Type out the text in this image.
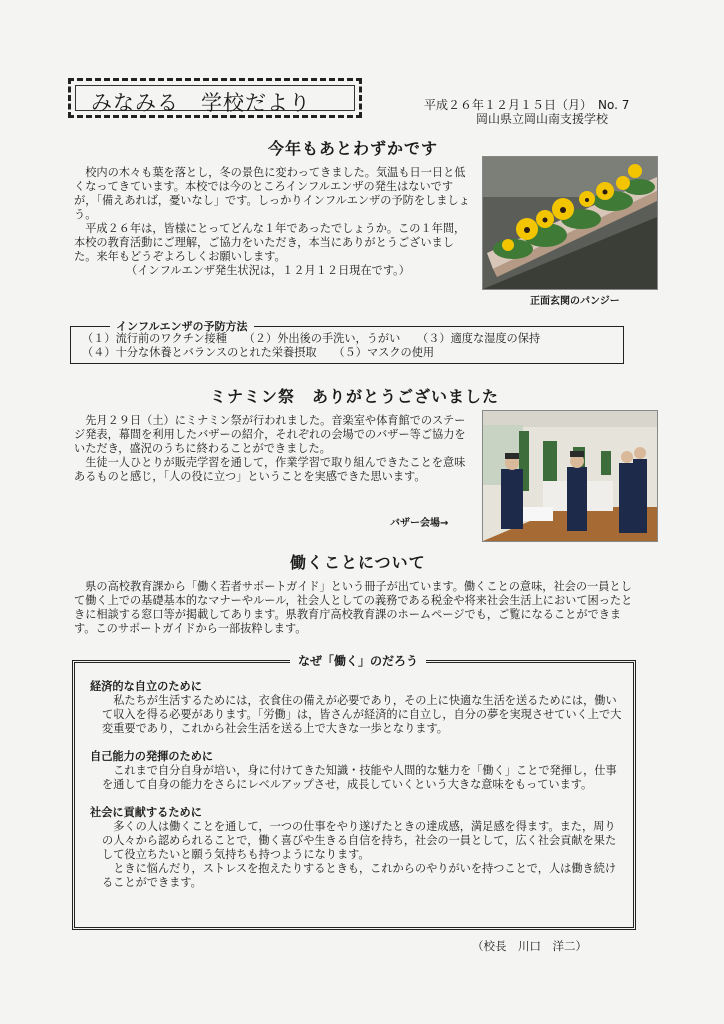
みなみる　学校だより	平成２６年１２月１５日（月）　No. 7
岡山県立岡山南支援学校
今年もあとわずかです
　校内の木々も葉を落とし，冬の景色に変わってきました。気温も日一日と低くなってきています。本校では今のところインフルエンザの発生はないですが，「備えあれば，憂いなし」です。しっかりインフルエンザの予防をしましょう。
　平成２６年は，皆様にとってどんな１年であったでしょうか。この１年間，本校の教育活動にご理解，ご協力をいただき，本当にありがとうございました。来年もどうぞよろしくお願いします。
（インフルエンザ発生状況は，１２月１２日現在です。）
正面玄関のパンジー
インフルエンザの予防方法
（１）流行前のワクチン接種　　（２）外出後の手洗い，うがい　　（３）適度な湿度の保持
（４）十分な休養とバランスのとれた栄養摂取　　（５）マスクの使用
ミナミン祭　ありがとうございました
　先月２９日（土）にミナミン祭が行われました。音楽室や体育館でのステージ発表，幕間を利用したバザーの紹介，それぞれの会場でのバザー等ご協力をいただき，盛況のうちに終わることができました。
　生徒一人ひとりが販売学習を通して，作業学習で取り組んできたことを意味あるものと感じ，「人の役に立つ」ということを実感できた思います。
バザー会場→
働くことについて
　県の高校教育課から「働く若者サポートガイド」という冊子が出ています。働くことの意味，社会の一員として働く上での基礎基本的なマナーやルール，社会人としての義務である税金や将来社会生活上において困ったときに相談する窓口等が掲載してあります。県教育庁高校教育課のホームページでも，ご覧になることができます。このサポートガイドから一部抜粋します。
なぜ「働く」のだろう
経済的な自立のために
　私たちが生活するためには，衣食住の備えが必要であり，その上に快適な生活を送るためには，働いて収入を得る必要があります。「労働」は，皆さんが経済的に自立し，自分の夢を実現させていく上で大変重要であり，これから社会生活を送る上で大きな一歩となります。
自己能力の発揮のために
　これまで自分自身が培い，身に付けてきた知識・技能や人間的な魅力を「働く」ことで発揮し，仕事を通して自身の能力をさらにレベルアップさせ，成長していくという大きな意味をもっています。
社会に貢献するために
　多くの人は働くことを通して，一つの仕事をやり遂げたときの達成感，満足感を得ます。また，周りの人々から認められることで，働く喜びや生きる自信を持ち，社会の一員として，広く社会貢献を果たして役立ちたいと願う気持ちも持つようになります。
　ときに悩んだり，ストレスを抱えたりするときも，これからのやりがいを持つことで，人は働き続けることができます。
（校長　川口　洋二）
